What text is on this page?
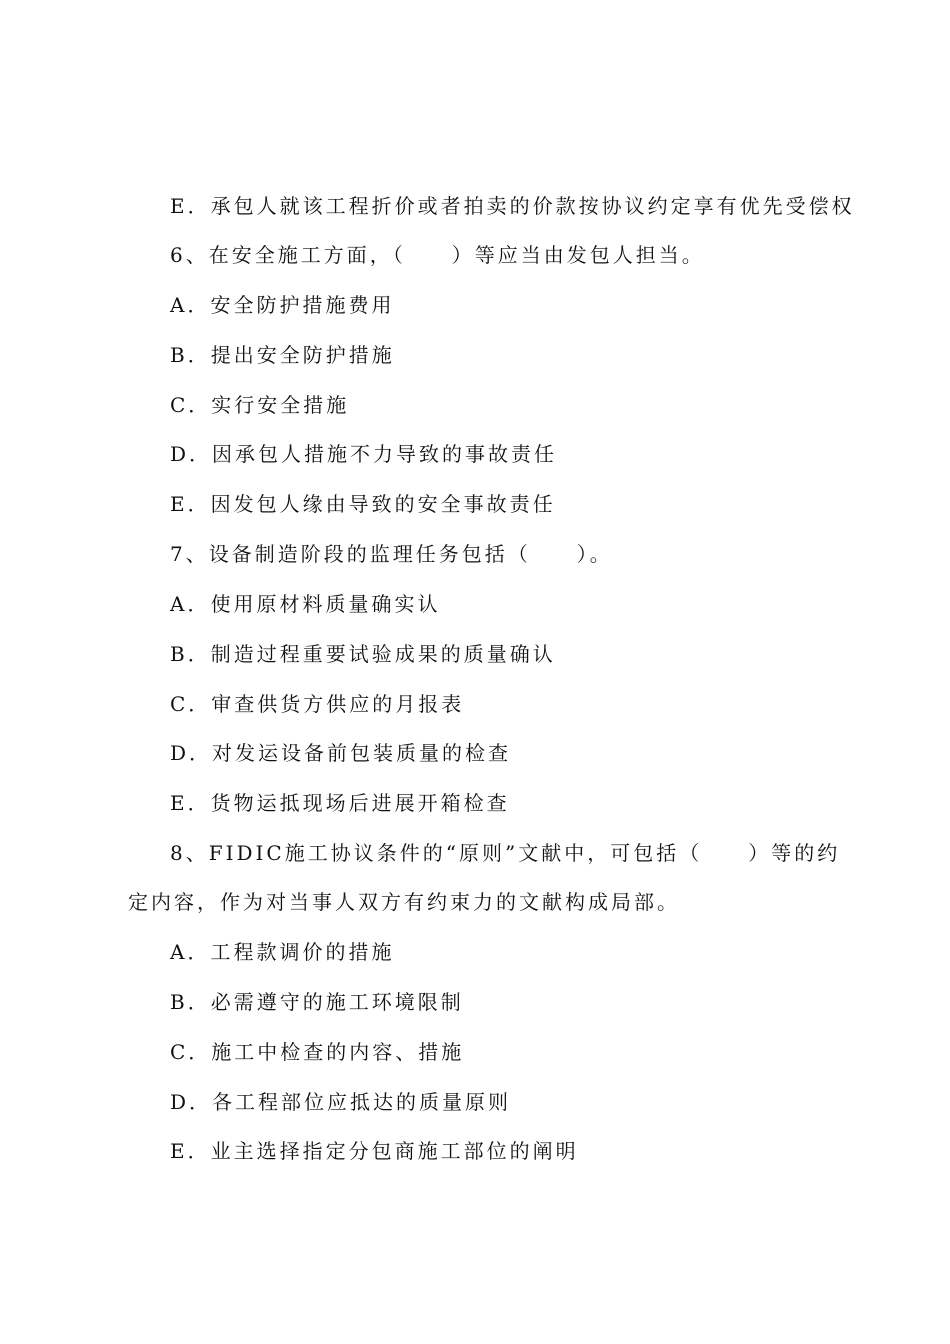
E．承包人就该工程折价或者拍卖的价款按协议约定享有优先受偿权
6、在安全施工方面，（　　）等应当由发包人担当。
A．安全防护措施费用
B．提出安全防护措施
C．实行安全措施
D．因承包人措施不力导致的事故责任
E．因发包人缘由导致的安全事故责任
7、设备制造阶段的监理任务包括（　　）。
A．使用原材料质量确实认
B．制造过程重要试验成果的质量确认
C．审查供货方供应的月报表
D．对发运设备前包装质量的检查
E．货物运抵现场后进展开箱检查
8、FIDIC施工协议条件的“原则”文献中，可包括（　　）等的约
定内容，作为对当事人双方有约束力的文献构成局部。
A．工程款调价的措施
B．必需遵守的施工环境限制
C．施工中检查的内容、措施
D．各工程部位应抵达的质量原则
E．业主选择指定分包商施工部位的阐明
